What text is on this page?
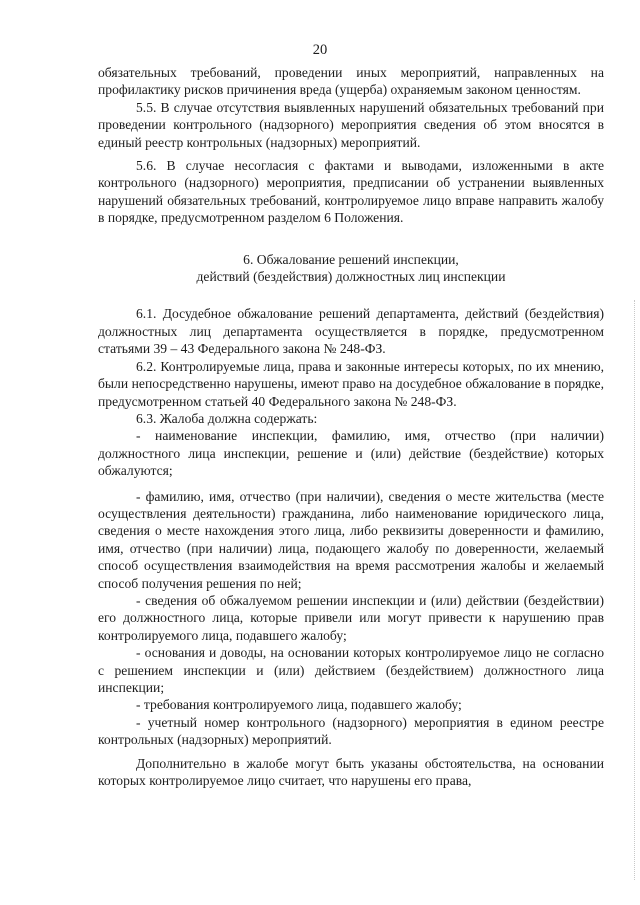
20

обязательных требований, проведении иных мероприятий, направленных на профилактику рисков причинения вреда (ущерба) охраняемым законом ценностям.

5.5. В случае отсутствия выявленных нарушений обязательных требований при проведении контрольного (надзорного) мероприятия сведения об этом вносятся в единый реестр контрольных (надзорных) мероприятий.

5.6. В случае несогласия с фактами и выводами, изложенными в акте контрольного (надзорного) мероприятия, предписании об устранении выявленных нарушений обязательных требований, контролируемое лицо вправе направить жалобу в порядке, предусмотренном разделом 6 Положения.

6. Обжалование решений инспекции,
действий (бездействия) должностных лиц инспекции

6.1. Досудебное обжалование решений департамента, действий (бездействия) должностных лиц департамента осуществляется в порядке, предусмотренном статьями 39 – 43 Федерального закона № 248-ФЗ.

6.2. Контролируемые лица, права и законные интересы которых, по их мнению, были непосредственно нарушены, имеют право на досудебное обжалование в порядке, предусмотренном статьей 40 Федерального закона № 248-ФЗ.

6.3. Жалоба должна содержать:

- наименование инспекции, фамилию, имя, отчество (при наличии) должностного лица инспекции, решение и (или) действие (бездействие) которых обжалуются;

- фамилию, имя, отчество (при наличии), сведения о месте жительства (месте осуществления деятельности) гражданина, либо наименование юридического лица, сведения о месте нахождения этого лица, либо реквизиты доверенности и фамилию, имя, отчество (при наличии) лица, подающего жалобу по доверенности, желаемый способ осуществления взаимодействия на время рассмотрения жалобы и желаемый способ получения решения по ней;

- сведения об обжалуемом решении инспекции и (или) действии (бездействии) его должностного лица, которые привели или могут привести к нарушению прав контролируемого лица, подавшего жалобу;

- основания и доводы, на основании которых контролируемое лицо не согласно с решением инспекции и (или) действием (бездействием) должностного лица инспекции;

- требования контролируемого лица, подавшего жалобу;

- учетный номер контрольного (надзорного) мероприятия в едином реестре контрольных (надзорных) мероприятий.

Дополнительно в жалобе могут быть указаны обстоятельства, на основании которых контролируемое лицо считает, что нарушены его права,
